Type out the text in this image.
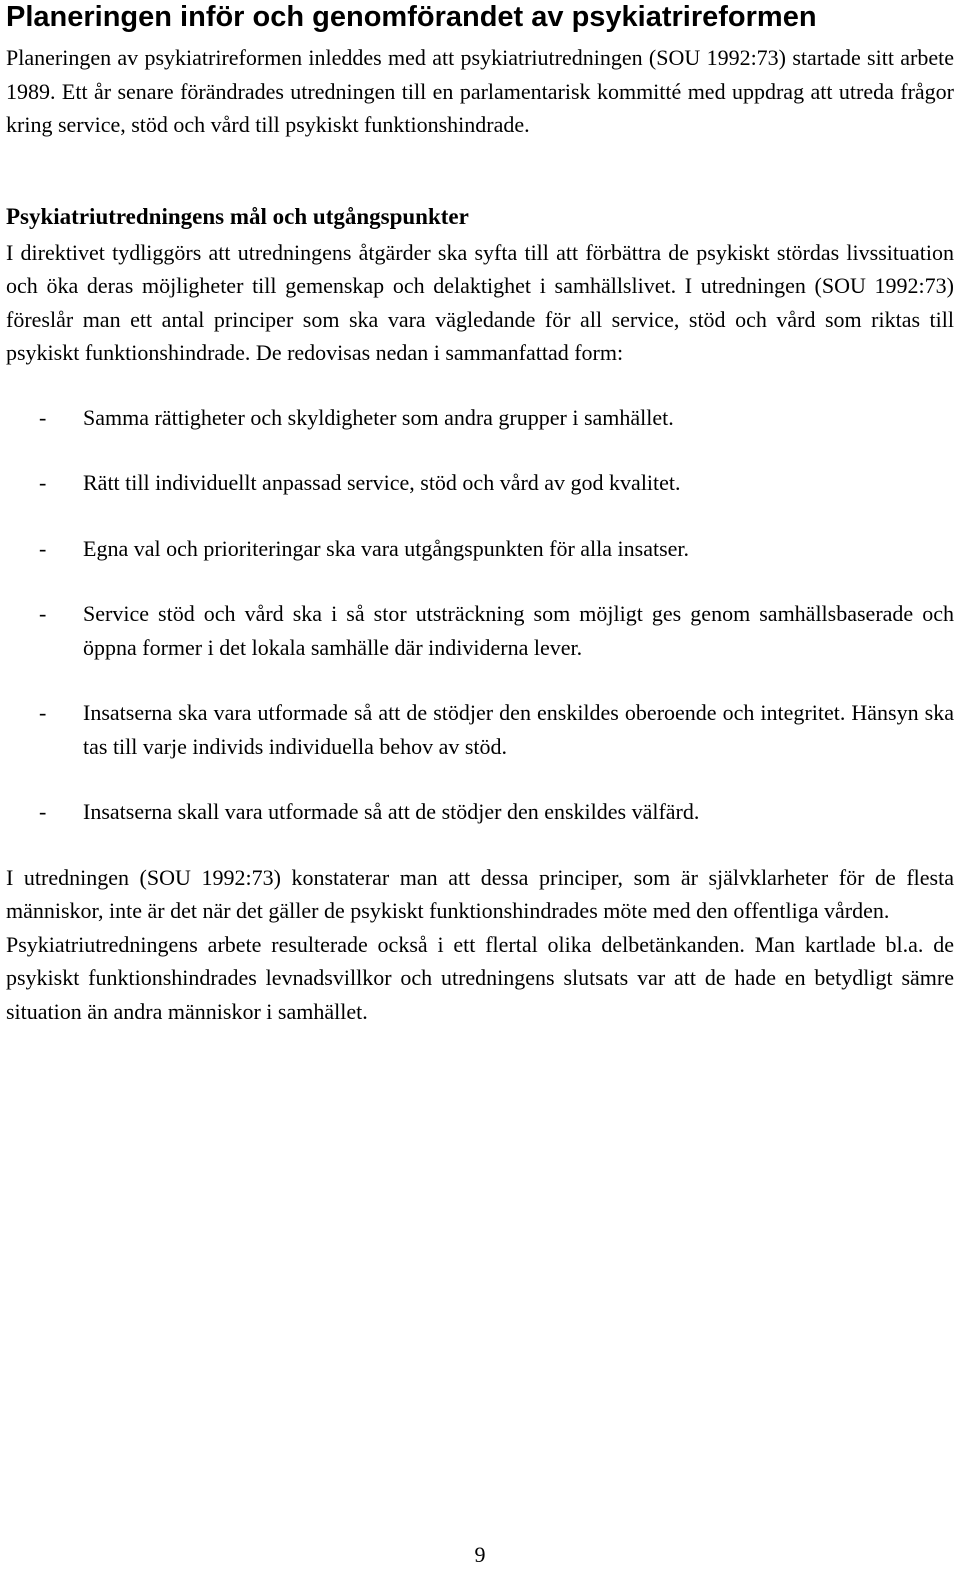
Planeringen inför och genomförandet av psykiatrireformen

Planeringen av psykiatrireformen inleddes med att psykiatriutredningen (SOU 1992:73) startade sitt arbete 1989. Ett år senare förändrades utredningen till en parlamentarisk kommitté med uppdrag att utreda frågor kring service, stöd och vård till psykiskt funktionshindrade.

Psykiatriutredningens mål och utgångspunkter

I direktivet tydliggörs att utredningens åtgärder ska syfta till att förbättra de psykiskt stördas livssituation och öka deras möjligheter till gemenskap och delaktighet i samhällslivet. I utredningen (SOU 1992:73) föreslår man ett antal principer som ska vara vägledande för all service, stöd och vård som riktas till psykiskt funktionshindrade. De redovisas nedan i sammanfattad form:

- Samma rättigheter och skyldigheter som andra grupper i samhället.
- Rätt till individuellt anpassad service, stöd och vård av god kvalitet.
- Egna val och prioriteringar ska vara utgångspunkten för alla insatser.
- Service stöd och vård ska i så stor utsträckning som möjligt ges genom samhällsbaserade och öppna former i det lokala samhälle där individerna lever.
- Insatserna ska vara utformade så att de stödjer den enskildes oberoende och integritet. Hänsyn ska tas till varje individs individuella behov av stöd.
- Insatserna skall vara utformade så att de stödjer den enskildes välfärd.

I utredningen (SOU 1992:73) konstaterar man att dessa principer, som är självklarheter för de flesta människor, inte är det när det gäller de psykiskt funktionshindrades möte med den offentliga vården.

Psykiatriutredningens arbete resulterade också i ett flertal olika delbetänkanden. Man kartlade bl.a. de psykiskt funktionshindrades levnadsvillkor och utredningens slutsats var att de hade en betydligt sämre situation än andra människor i samhället.

9
